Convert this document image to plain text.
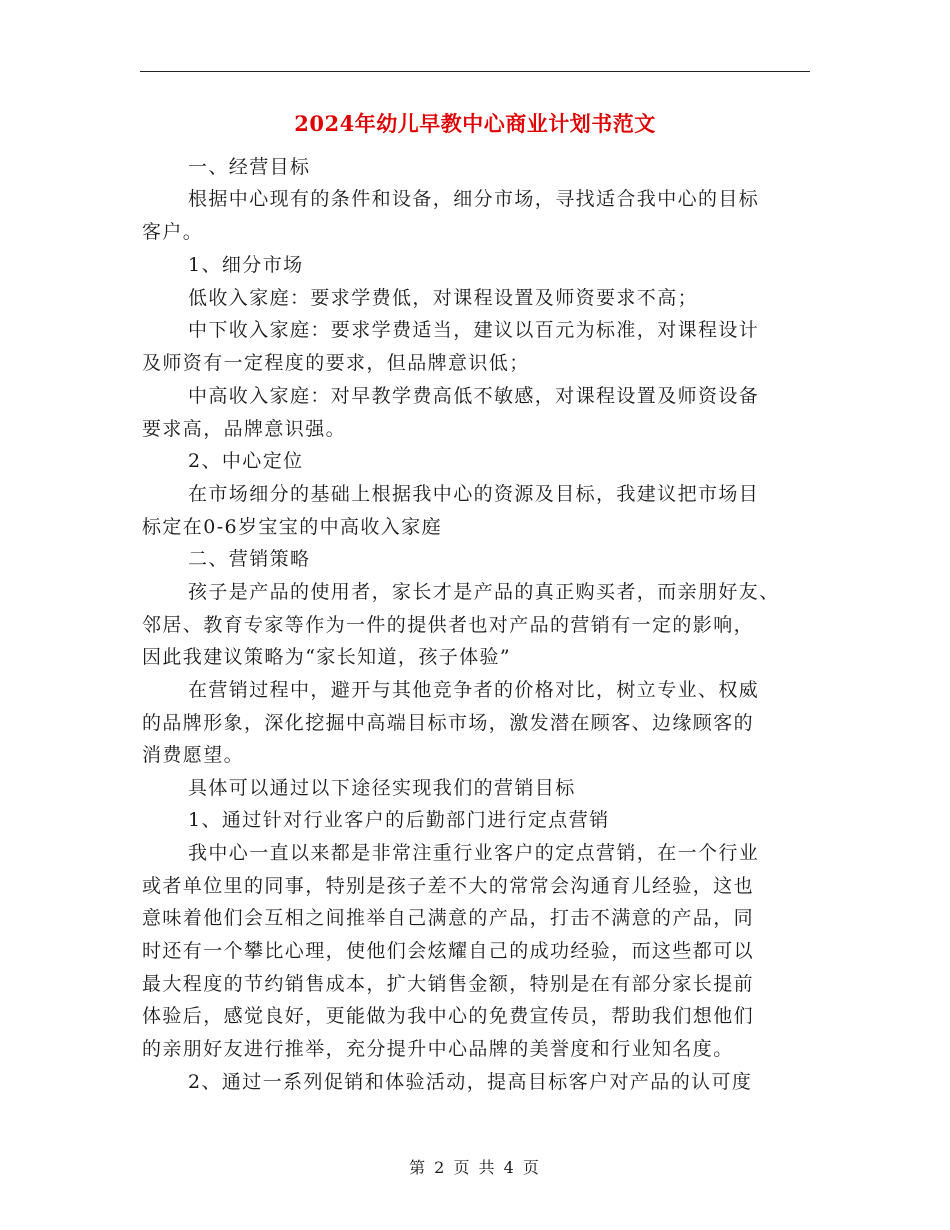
2024年幼儿早教中心商业计划书范文
一、经营目标
根据中心现有的条件和设备，细分市场，寻找适合我中心的目标
客户。
1、细分市场
低收入家庭：要求学费低，对课程设置及师资要求不高；
中下收入家庭：要求学费适当，建议以百元为标准，对课程设计
及师资有一定程度的要求，但品牌意识低；
中高收入家庭：对早教学费高低不敏感，对课程设置及师资设备
要求高，品牌意识强。
2、中心定位
在市场细分的基础上根据我中心的资源及目标，我建议把市场目
标定在0-6岁宝宝的中高收入家庭
二、营销策略
孩子是产品的使用者，家长才是产品的真正购买者，而亲朋好友、
邻居、教育专家等作为一件的提供者也对产品的营销有一定的影响，
因此我建议策略为“家长知道，孩子体验”
在营销过程中，避开与其他竞争者的价格对比，树立专业、权威
的品牌形象，深化挖掘中高端目标市场，激发潜在顾客、边缘顾客的
消费愿望。
具体可以通过以下途径实现我们的营销目标
1、通过针对行业客户的后勤部门进行定点营销
我中心一直以来都是非常注重行业客户的定点营销，在一个行业
或者单位里的同事，特别是孩子差不大的常常会沟通育儿经验，这也
意味着他们会互相之间推举自己满意的产品，打击不满意的产品，同
时还有一个攀比心理，使他们会炫耀自己的成功经验，而这些都可以
最大程度的节约销售成本，扩大销售金额，特别是在有部分家长提前
体验后，感觉良好，更能做为我中心的免费宣传员，帮助我们想他们
的亲朋好友进行推举，充分提升中心品牌的美誉度和行业知名度。
2、通过一系列促销和体验活动，提高目标客户对产品的认可度
第 2 页 共 4 页
